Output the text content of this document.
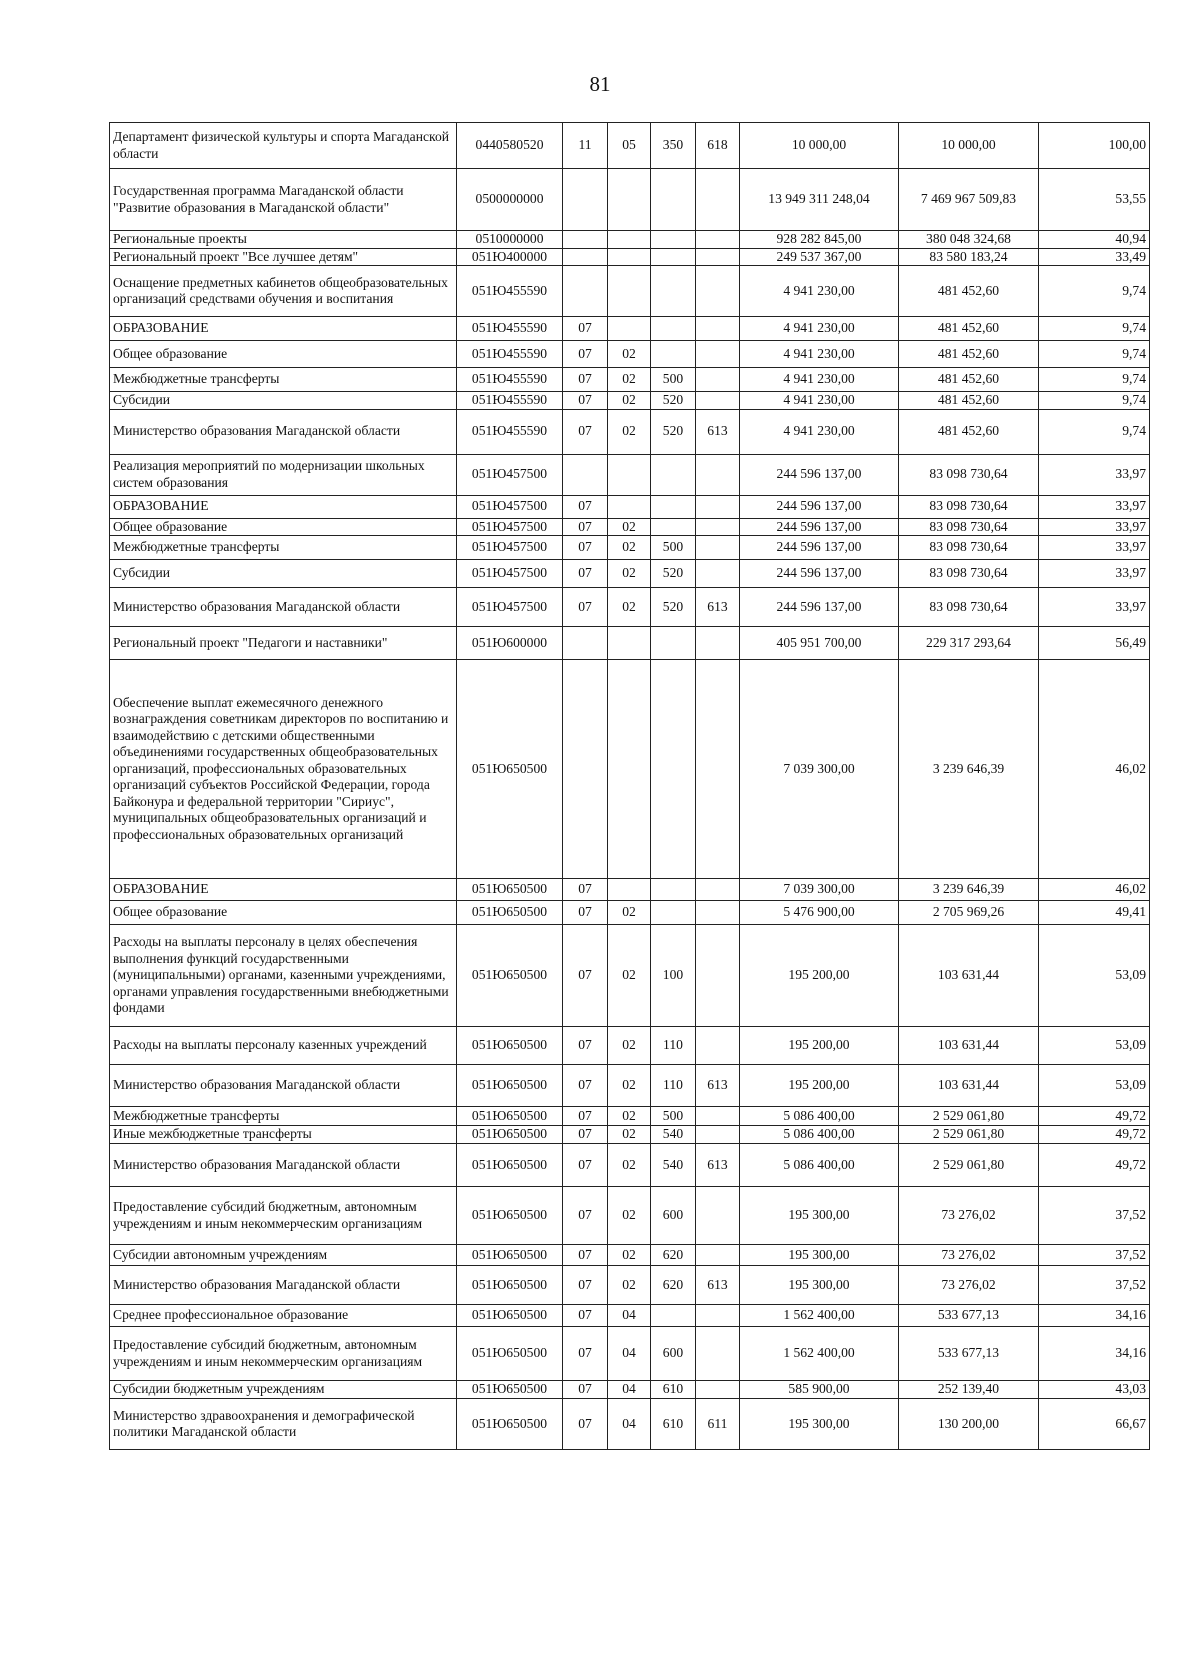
81
Департамент физической культуры и спорта Магаданской области	0440580520	11	05	350	618	10 000,00	10 000,00	100,00
Государственная программа Магаданской области "Развитие образования в Магаданской области"	0500000000					13 949 311 248,04	7 469 967 509,83	53,55
Региональные проекты	0510000000					928 282 845,00	380 048 324,68	40,94
Региональный проект "Все лучшее детям"	051Ю400000					249 537 367,00	83 580 183,24	33,49
Оснащение предметных кабинетов общеобразовательных организаций средствами обучения и воспитания	051Ю455590					4 941 230,00	481 452,60	9,74
ОБРАЗОВАНИЕ	051Ю455590	07				4 941 230,00	481 452,60	9,74
Общее образование	051Ю455590	07	02			4 941 230,00	481 452,60	9,74
Межбюджетные трансферты	051Ю455590	07	02	500		4 941 230,00	481 452,60	9,74
Субсидии	051Ю455590	07	02	520		4 941 230,00	481 452,60	9,74
Министерство образования Магаданской области	051Ю455590	07	02	520	613	4 941 230,00	481 452,60	9,74
Реализация мероприятий по модернизации школьных систем образования	051Ю457500					244 596 137,00	83 098 730,64	33,97
ОБРАЗОВАНИЕ	051Ю457500	07				244 596 137,00	83 098 730,64	33,97
Общее образование	051Ю457500	07	02			244 596 137,00	83 098 730,64	33,97
Межбюджетные трансферты	051Ю457500	07	02	500		244 596 137,00	83 098 730,64	33,97
Субсидии	051Ю457500	07	02	520		244 596 137,00	83 098 730,64	33,97
Министерство образования Магаданской области	051Ю457500	07	02	520	613	244 596 137,00	83 098 730,64	33,97
Региональный проект "Педагоги и наставники"	051Ю600000					405 951 700,00	229 317 293,64	56,49
Обеспечение выплат ежемесячного денежного вознаграждения советникам директоров по воспитанию и взаимодействию с детскими общественными объединениями государственных общеобразовательных организаций, профессиональных образовательных организаций субъектов Российской Федерации, города Байконура и федеральной территории "Сириус", муниципальных общеобразовательных организаций и профессиональных образовательных организаций	051Ю650500					7 039 300,00	3 239 646,39	46,02
ОБРАЗОВАНИЕ	051Ю650500	07				7 039 300,00	3 239 646,39	46,02
Общее образование	051Ю650500	07	02			5 476 900,00	2 705 969,26	49,41
Расходы на выплаты персоналу в целях обеспечения выполнения функций государственными (муниципальными) органами, казенными учреждениями, органами управления государственными внебюджетными фондами	051Ю650500	07	02	100		195 200,00	103 631,44	53,09
Расходы на выплаты персоналу казенных учреждений	051Ю650500	07	02	110		195 200,00	103 631,44	53,09
Министерство образования Магаданской области	051Ю650500	07	02	110	613	195 200,00	103 631,44	53,09
Межбюджетные трансферты	051Ю650500	07	02	500		5 086 400,00	2 529 061,80	49,72
Иные межбюджетные трансферты	051Ю650500	07	02	540		5 086 400,00	2 529 061,80	49,72
Министерство образования Магаданской области	051Ю650500	07	02	540	613	5 086 400,00	2 529 061,80	49,72
Предоставление субсидий бюджетным, автономным учреждениям и иным некоммерческим организациям	051Ю650500	07	02	600		195 300,00	73 276,02	37,52
Субсидии автономным учреждениям	051Ю650500	07	02	620		195 300,00	73 276,02	37,52
Министерство образования Магаданской области	051Ю650500	07	02	620	613	195 300,00	73 276,02	37,52
Среднее профессиональное образование	051Ю650500	07	04			1 562 400,00	533 677,13	34,16
Предоставление субсидий бюджетным, автономным учреждениям и иным некоммерческим организациям	051Ю650500	07	04	600		1 562 400,00	533 677,13	34,16
Субсидии бюджетным учреждениям	051Ю650500	07	04	610		585 900,00	252 139,40	43,03
Министерство здравоохранения и демографической политики Магаданской области	051Ю650500	07	04	610	611	195 300,00	130 200,00	66,67
